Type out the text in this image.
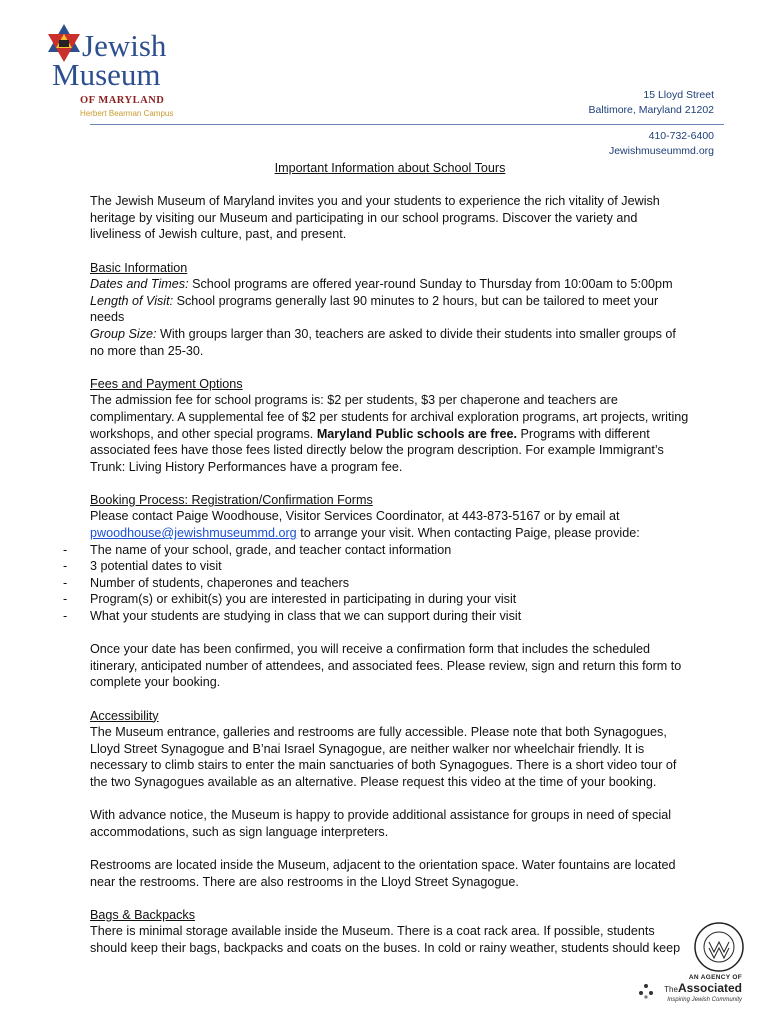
Jewish
Museum
OF MARYLAND
Herbert Bearman Campus
15 Lloyd Street
Baltimore, Maryland 21202
410-732-6400
Jewishmuseummd.org

Important Information about School Tours

The Jewish Museum of Maryland invites you and your students to experience the rich vitality of Jewish heritage by visiting our Museum and participating in our school programs. Discover the variety and liveliness of Jewish culture, past, and present.

Basic Information

Dates and Times: School programs are offered year-round Sunday to Thursday from 10:00am to 5:00pm

Length of Visit: School programs generally last 90 minutes to 2 hours, but can be tailored to meet your needs

Group Size: With groups larger than 30, teachers are asked to divide their students into smaller groups of no more than 25-30.

Fees and Payment Options

The admission fee for school programs is: $2 per students, $3 per chaperone and teachers are complimentary. A supplemental fee of $2 per students for archival exploration programs, art projects, writing workshops, and other special programs. Maryland Public schools are free. Programs with different associated fees have those fees listed directly below the program description. For example Immigrant’s Trunk: Living History Performances have a program fee.

Booking Process: Registration/Confirmation Forms

Please contact Paige Woodhouse, Visitor Services Coordinator, at 443-873-5167 or by email at pwoodhouse@jewishmuseummd.org to arrange your visit. When contacting Paige, please provide:

- The name of your school, grade, and teacher contact information
- 3 potential dates to visit
- Number of students, chaperones and teachers
- Program(s) or exhibit(s) you are interested in participating in during your visit
- What your students are studying in class that we can support during their visit

Once your date has been confirmed, you will receive a confirmation form that includes the scheduled itinerary, anticipated number of attendees, and associated fees. Please review, sign and return this form to complete your booking.

Accessibility

The Museum entrance, galleries and restrooms are fully accessible. Please note that both Synagogues, Lloyd Street Synagogue and B’nai Israel Synagogue, are neither walker nor wheelchair friendly. It is necessary to climb stairs to enter the main sanctuaries of both Synagogues. There is a short video tour of the two Synagogues available as an alternative. Please request this video at the time of your booking.

With advance notice, the Museum is happy to provide additional assistance for groups in need of special accommodations, such as sign language interpreters.

Restrooms are located inside the Museum, adjacent to the orientation space. Water fountains are located near the restrooms. There are also restrooms in the Lloyd Street Synagogue.

Bags & Backpacks

There is minimal storage available inside the Museum. There is a coat rack area. If possible, students should keep their bags, backpacks and coats on the buses. In cold or rainy weather, students should keep

AN AGENCY OF
TheAssociated
Inspiring Jewish Community
